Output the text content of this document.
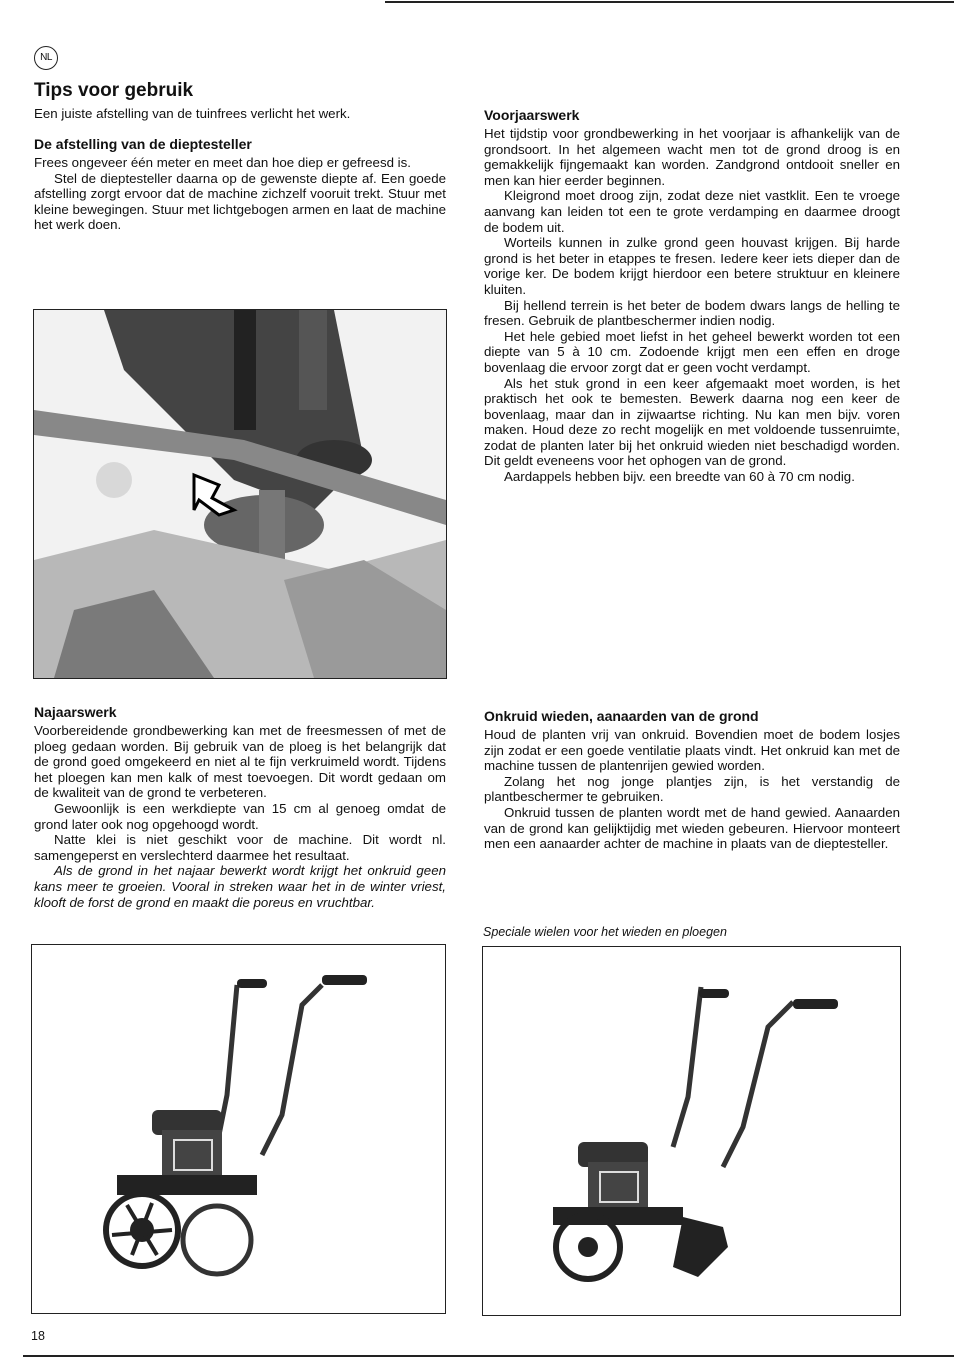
NL
Tips voor gebruik

Een juiste afstelling van de tuinfrees verlicht het werk.

De afstelling van de dieptesteller

Frees ongeveer één meter en meet dan hoe diep er gefreesd is.

Stel de dieptesteller daarna op de gewenste diepte af. Een goede afstelling zorgt ervoor dat de machine zichzelf vooruit trekt. Stuur met kleine bewegingen. Stuur met lichtgebogen armen en laat de machine het werk doen.

Najaarswerk

Voorbereidende grondbewerking kan met de freesmessen of met de ploeg gedaan worden. Bij gebruik van de ploeg is het belangrijk dat de grond goed omgekeerd en niet al te fijn verkruimeld wordt. Tijdens het ploegen kan men kalk of mest toevoegen. Dit wordt gedaan om de kwaliteit van de grond te verbeteren.

Gewoonlijk is een werkdiepte van 15 cm al genoeg omdat de grond later ook nog opgehoogd wordt.

Natte klei is niet geschikt voor de machine. Dit wordt nl. samengeperst en verslechterd daarmee het resultaat.

Als de grond in het najaar bewerkt wordt krijgt het onkruid geen kans meer te groeien. Vooral in streken waar het in de winter vriest, klooft de forst de grond en maakt die poreus en vruchtbar.

Voorjaarswerk

Het tijdstip voor grondbewerking in het voorjaar is afhankelijk van de grondsoort. In het algemeen wacht men tot de grond droog is en gemakkelijk fijngemaakt kan worden. Zandgrond ontdooit sneller en men kan hier eerder beginnen.

Kleigrond moet droog zijn, zodat deze niet vastklit. Een te vroege aanvang kan leiden tot een te grote verdamping en daarmee droogt de bodem uit.

Worteils kunnen in zulke grond geen houvast krijgen. Bij harde grond is het beter in etappes te fresen. Iedere keer iets dieper dan de vorige ker. De bodem krijgt hierdoor een betere struktuur en kleinere kluiten.

Bij hellend terrein is het beter de bodem dwars langs de helling te fresen. Gebruik de plantbeschermer indien nodig.

Het hele gebied moet liefst in het geheel bewerkt worden tot een diepte van 5 à 10 cm. Zodoende krijgt men een effen en droge bovenlaag die ervoor zorgt dat er geen vocht verdampt.

Als het stuk grond in een keer afgemaakt moet worden, is het praktisch het ook te bemesten. Bewerk daarna nog een keer de bovenlaag, maar dan in zijwaartse richting. Nu kan men bijv. voren maken. Houd deze zo recht mogelijk en met voldoende tussenruimte, zodat de planten later bij het onkruid wieden niet beschadigd worden. Dit geldt eveneens voor het ophogen van de grond.

Aardappels hebben bijv. een breedte van 60 à 70 cm nodig.

Onkruid wieden, aanaarden van de grond

Houd de planten vrij van onkruid. Bovendien moet de bodem losjes zijn zodat er een goede ventilatie plaats vindt. Het onkruid kan met de machine tussen de plantenrijen gewied worden.

Zolang het nog jonge plantjes zijn, is het verstandig de plantbeschermer te gebruiken.

Onkruid tussen de planten wordt met de hand gewied. Aanaarden van de grond kan gelijktijdig met wieden gebeuren. Hiervoor monteert men een aanaarder achter de machine in plaats van de dieptesteller.

Speciale wielen voor het wieden en ploegen
18
